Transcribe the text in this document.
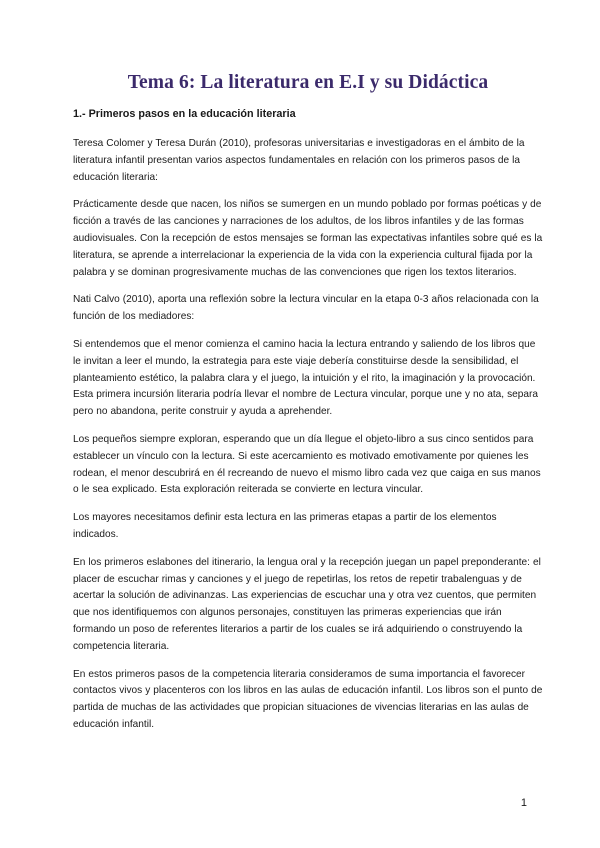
Tema 6: La literatura en E.I y su Didáctica
1.- Primeros pasos en la educación literaria

Teresa Colomer y Teresa Durán (2010), profesoras universitarias e investigadoras en el ámbito de la literatura infantil presentan varios aspectos fundamentales en relación con los primeros pasos de la educación literaria:

Prácticamente desde que nacen, los niños se sumergen en un mundo poblado por formas poéticas y de ficción a través de las canciones y narraciones de los adultos, de los libros infantiles y de las formas audiovisuales. Con la recepción de estos mensajes se forman las expectativas infantiles sobre qué es la literatura, se aprende a interrelacionar la experiencia de la vida con la experiencia cultural fijada por la palabra y se dominan progresivamente muchas de las convenciones que rigen los textos literarios.

Nati Calvo (2010), aporta una reflexión sobre la lectura vincular en la etapa 0-3 años relacionada con la función de los mediadores:

Si entendemos que el menor comienza el camino hacia la lectura entrando y saliendo de los libros que le invitan a leer el mundo, la estrategia para este viaje debería constituirse desde la sensibilidad, el planteamiento estético, la palabra clara y el juego, la intuición y el rito, la imaginación y la provocación. Esta primera incursión literaria podría llevar el nombre de Lectura vincular, porque une y no ata, separa pero no abandona, perite construir y ayuda a aprehender.

Los pequeños siempre exploran, esperando que un día llegue el objeto-libro a sus cinco sentidos para establecer un vínculo con la lectura. Si este acercamiento es motivado emotivamente por quienes les rodean, el menor descubrirá en él recreando de nuevo el mismo libro cada vez que caiga en sus manos o le sea explicado. Esta exploración reiterada se convierte en lectura vincular.

Los mayores necesitamos definir esta lectura en las primeras etapas a partir de los elementos indicados.

En los primeros eslabones del itinerario, la lengua oral y la recepción juegan un papel preponderante: el placer de escuchar rimas y canciones y el juego de repetirlas, los retos de repetir trabalenguas y de acertar la solución de adivinanzas. Las experiencias de escuchar una y otra vez cuentos, que permiten que nos identifiquemos con algunos personajes, constituyen las primeras experiencias que irán formando un poso de referentes literarios a partir de los cuales se irá adquiriendo o construyendo la competencia literaria.

En estos primeros pasos de la competencia literaria consideramos de suma importancia el favorecer contactos vivos y placenteros con los libros en las aulas de educación infantil. Los libros son el punto de partida de muchas de las actividades que propician situaciones de vivencias literarias en las aulas de educación infantil.

1
